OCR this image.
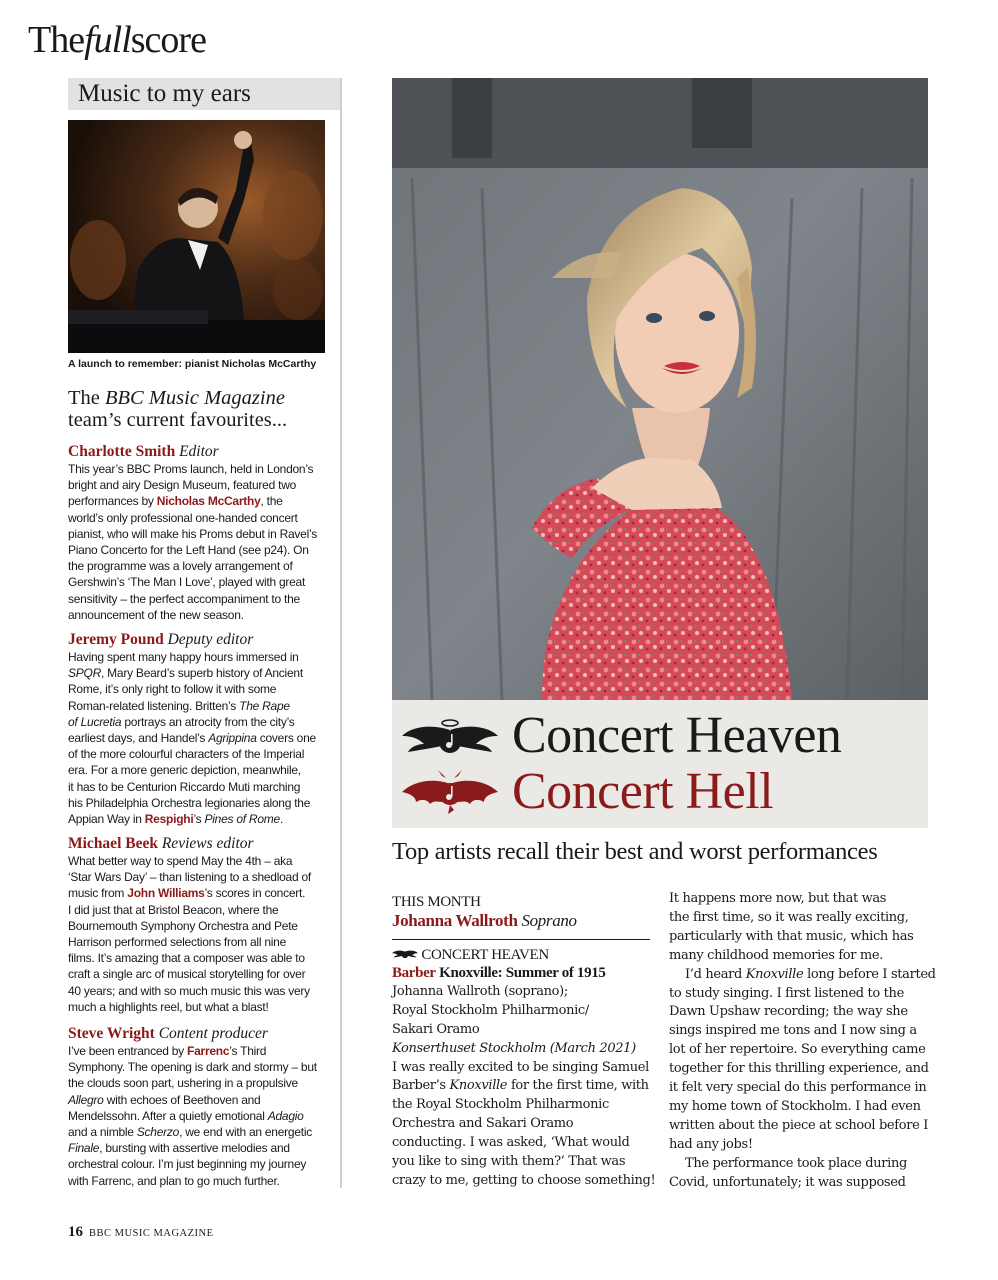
Thefullscore
Music to my ears
A launch to remember: pianist Nicholas McCarthy
The BBC Music Magazine
team’s current favourites...
Charlotte Smith Editor
This year’s BBC Proms launch, held in London’s
bright and airy Design Museum, featured two
performances by Nicholas McCarthy, the
world’s only professional one-handed concert
pianist, who will make his Proms debut in Ravel’s
Piano Concerto for the Left Hand (see p24). On
the programme was a lovely arrangement of
Gershwin’s ‘The Man I Love’, played with great
sensitivity – the perfect accompaniment to the
announcement of the new season.
Jeremy Pound Deputy editor
Having spent many happy hours immersed in
SPQR, Mary Beard’s superb history of Ancient
Rome, it’s only right to follow it with some
Roman-related listening. Britten’s The Rape
of Lucretia portrays an atrocity from the city’s
earliest days, and Handel’s Agrippina covers one
of the more colourful characters of the Imperial
era. For a more generic depiction, meanwhile,
it has to be Centurion Riccardo Muti marching
his Philadelphia Orchestra legionaries along the
Appian Way in Respighi’s Pines of Rome.
Michael Beek Reviews editor
What better way to spend May the 4th – aka
‘Star Wars Day’ – than listening to a shedload of
music from John Williams’s scores in concert.
I did just that at Bristol Beacon, where the
Bournemouth Symphony Orchestra and Pete
Harrison performed selections from all nine
films. It’s amazing that a composer was able to
craft a single arc of musical storytelling for over
40 years; and with so much music this was very
much a highlights reel, but what a blast!
Steve Wright Content producer
I’ve been entranced by Farrenc’s Third
Symphony. The opening is dark and stormy – but
the clouds soon part, ushering in a propulsive
Allegro with echoes of Beethoven and
Mendelssohn. After a quietly emotional Adagio
and a nimble Scherzo, we end with an energetic
Finale, bursting with assertive melodies and
orchestral colour. I’m just beginning my journey
with Farrenc, and plan to go much further.
Concert Heaven
Concert Hell
Top artists recall their best and worst performances
THIS MONTH
Johanna Wallroth Soprano
CONCERT HEAVEN
Barber Knoxville: Summer of 1915
Johanna Wallroth (soprano);
Royal Stockholm Philharmonic/
Sakari Oramo
Konserthuset Stockholm (March 2021)
I was really excited to be singing Samuel
Barber’s Knoxville for the first time, with
the Royal Stockholm Philharmonic
Orchestra and Sakari Oramo
conducting. I was asked, ‘What would
you like to sing with them?’ That was
crazy to me, getting to choose something!
It happens more now, but that was
the first time, so it was really exciting,
particularly with that music, which has
many childhood memories for me.
I’d heard Knoxville long before I started
to study singing. I first listened to the
Dawn Upshaw recording; the way she
sings inspired me tons and I now sing a
lot of her repertoire. So everything came
together for this thrilling experience, and
it felt very special do this performance in
my home town of Stockholm. I had even
written about the piece at school before I
had any jobs!
The performance took place during
Covid, unfortunately; it was supposed
16 BBC MUSIC MAGAZINE
